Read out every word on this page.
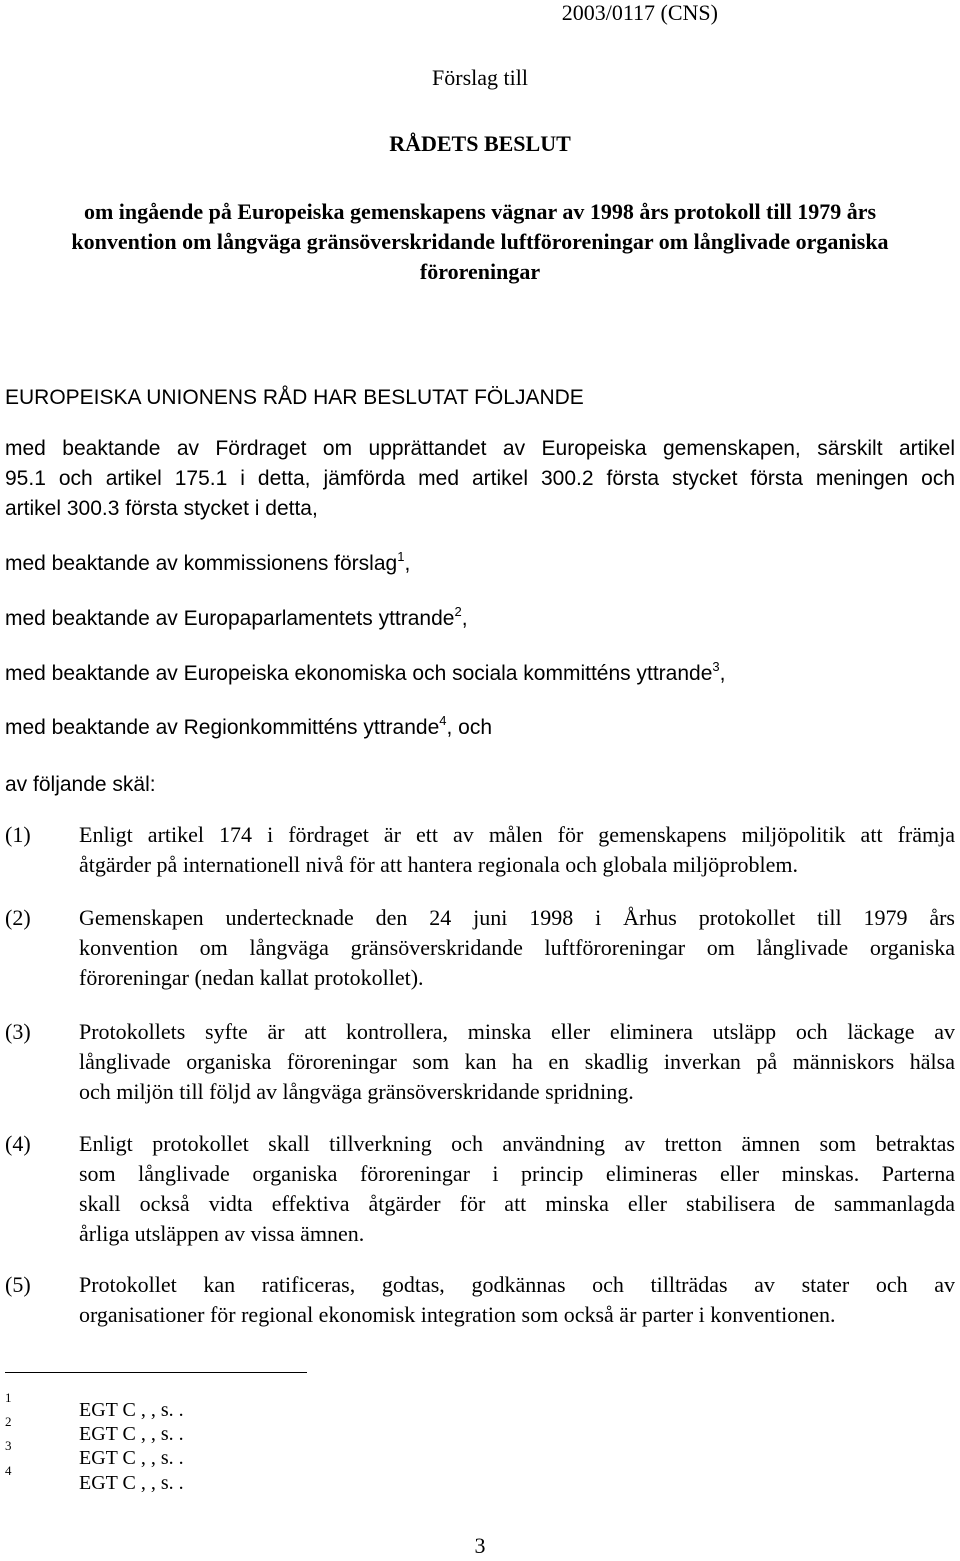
2003/0117 (CNS)
Förslag till
RÅDETS BESLUT
om ingående på Europeiska gemenskapens vägnar av 1998 års protokoll till 1979 års
konvention om långväga gränsöverskridande luftföroreningar om långlivade organiska
föroreningar
EUROPEISKA UNIONENS RÅD HAR BESLUTAT FÖLJANDE
med beaktande av Fördraget om upprättandet av Europeiska gemenskapen, särskilt artikel
95.1 och artikel 175.1 i detta, jämförda med artikel 300.2 första stycket första meningen och
artikel 300.3 första stycket i detta,
med beaktande av kommissionens förslag$^1$,
med beaktande av Europaparlamentets yttrande$^2$,
med beaktande av Europeiska ekonomiska och sociala kommitténs yttrande$^3$,
med beaktande av Regionkommitténs yttrande$^4$, och
av följande skäl:
(1) Enligt artikel 174 i fördraget är ett av målen för gemenskapens miljöpolitik att främja
åtgärder på internationell nivå för att hantera regionala och globala miljöproblem.
(2) Gemenskapen undertecknade den 24 juni 1998 i Århus protokollet till 1979 års
konvention om långväga gränsöverskridande luftföroreningar om långlivade organiska
föroreningar (nedan kallat protokollet).
(3) Protokollets syfte är att kontrollera, minska eller eliminera utsläpp och läckage av
långlivade organiska föroreningar som kan ha en skadlig inverkan på människors hälsa
och miljön till följd av långväga gränsöverskridande spridning.
(4) Enligt protokollet skall tillverkning och användning av tretton ämnen som betraktas
som långlivade organiska föroreningar i princip elimineras eller minskas. Parterna
skall också vidta effektiva åtgärder för att minska eller stabilisera de sammanlagda
årliga utsläppen av vissa ämnen.
(5) Protokollet kan ratificeras, godtas, godkännas och tillträdas av stater och av
organisationer för regional ekonomisk integration som också är parter i konventionen.
1
EGT C , , s. .
2
EGT C , , s. .
3
EGT C , , s. .
4
EGT C , , s. .
3
